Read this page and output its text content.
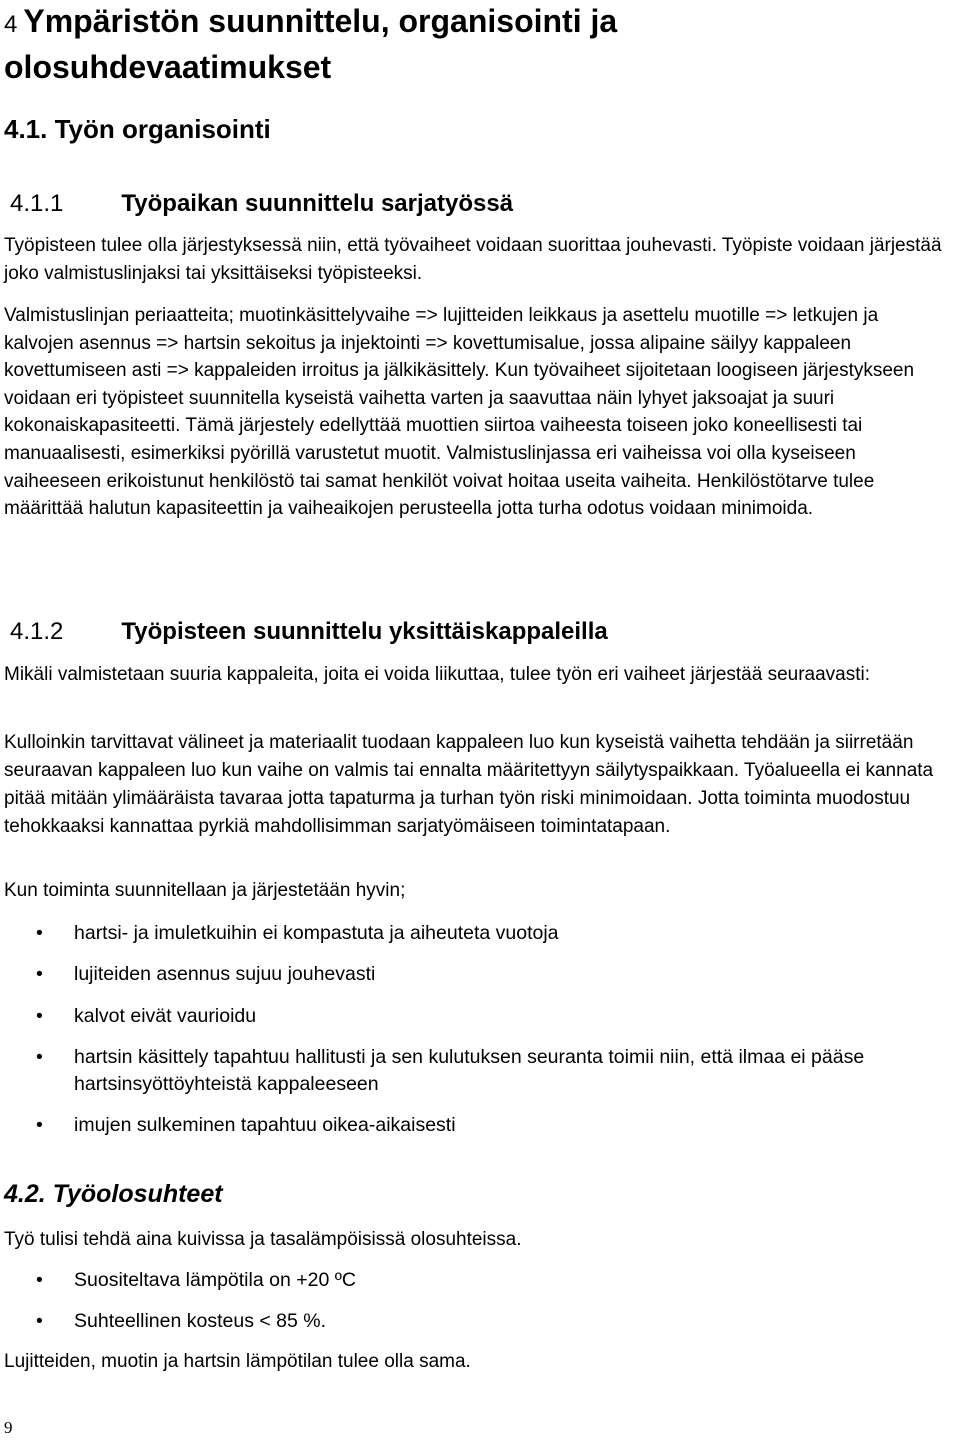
4 Ympäristön suunnittelu, organisointi ja olosuhdevaatimukset
4.1. Työn organisointi
4.1.1 Työpaikan suunnittelu sarjatyössä

Työpisteen tulee olla järjestyksessä niin, että työvaiheet voidaan suorittaa jouhevasti. Työpiste voidaan järjestää joko valmistuslinjaksi tai yksittäiseksi työpisteeksi.

Valmistuslinjan periaatteita; muotinkäsittelyvaihe => lujitteiden leikkaus ja asettelu muotille => letkujen ja kalvojen asennus => hartsin sekoitus ja injektointi => kovettumisalue, jossa alipaine säilyy kappaleen kovettumiseen asti => kappaleiden irroitus ja jälkikäsittely. Kun työvaiheet sijoitetaan loogiseen järjestykseen voidaan eri työpisteet suunnitella kyseistä vaihetta varten ja saavuttaa näin lyhyet jaksoajat ja suuri kokonaiskapasiteetti. Tämä järjestely edellyttää muottien siirtoa vaiheesta toiseen joko koneellisesti tai manuaalisesti, esimerkiksi pyörillä varustetut muotit. Valmistuslinjassa eri vaiheissa voi olla kyseiseen vaiheeseen erikoistunut henkilöstö tai samat henkilöt voivat hoitaa useita vaiheita. Henkilöstötarve tulee määrittää halutun kapasiteettin ja vaiheaikojen perusteella jotta turha odotus voidaan minimoida.

4.1.2 Työpisteen suunnittelu yksittäiskappaleilla

Mikäli valmistetaan suuria kappaleita, joita ei voida liikuttaa, tulee työn eri vaiheet järjestää seuraavasti:

Kulloinkin tarvittavat välineet ja materiaalit tuodaan kappaleen luo kun kyseistä vaihetta tehdään ja siirretään seuraavan kappaleen luo kun vaihe on valmis tai ennalta määritettyyn säilytyspaikkaan. Työalueella ei kannata pitää mitään ylimääräista tavaraa jotta tapaturma ja turhan työn riski minimoidaan. Jotta toiminta muodostuu tehokkaaksi kannattaa pyrkiä mahdollisimman sarjatyömäiseen toimintatapaan.

Kun toiminta suunnitellaan ja järjestetään hyvin;

• hartsi- ja imuletkuihin ei kompastuta ja aiheuteta vuotoja
• lujiteiden asennus sujuu jouhevasti
• kalvot eivät vaurioidu
• hartsin käsittely tapahtuu hallitusti ja sen kulutuksen seuranta toimii niin, että ilmaa ei pääse hartsinsyöttöyhteistä kappaleeseen
• imujen sulkeminen tapahtuu oikea-aikaisesti
4.2. Työolosuhteet

Työ tulisi tehdä aina kuivissa ja tasalämpöisissä olosuhteissa.

• Suositeltava lämpötila on +20 ºC
• Suhteellinen kosteus < 85 %.

Lujitteiden, muotin ja hartsin lämpötilan tulee olla sama.

9
